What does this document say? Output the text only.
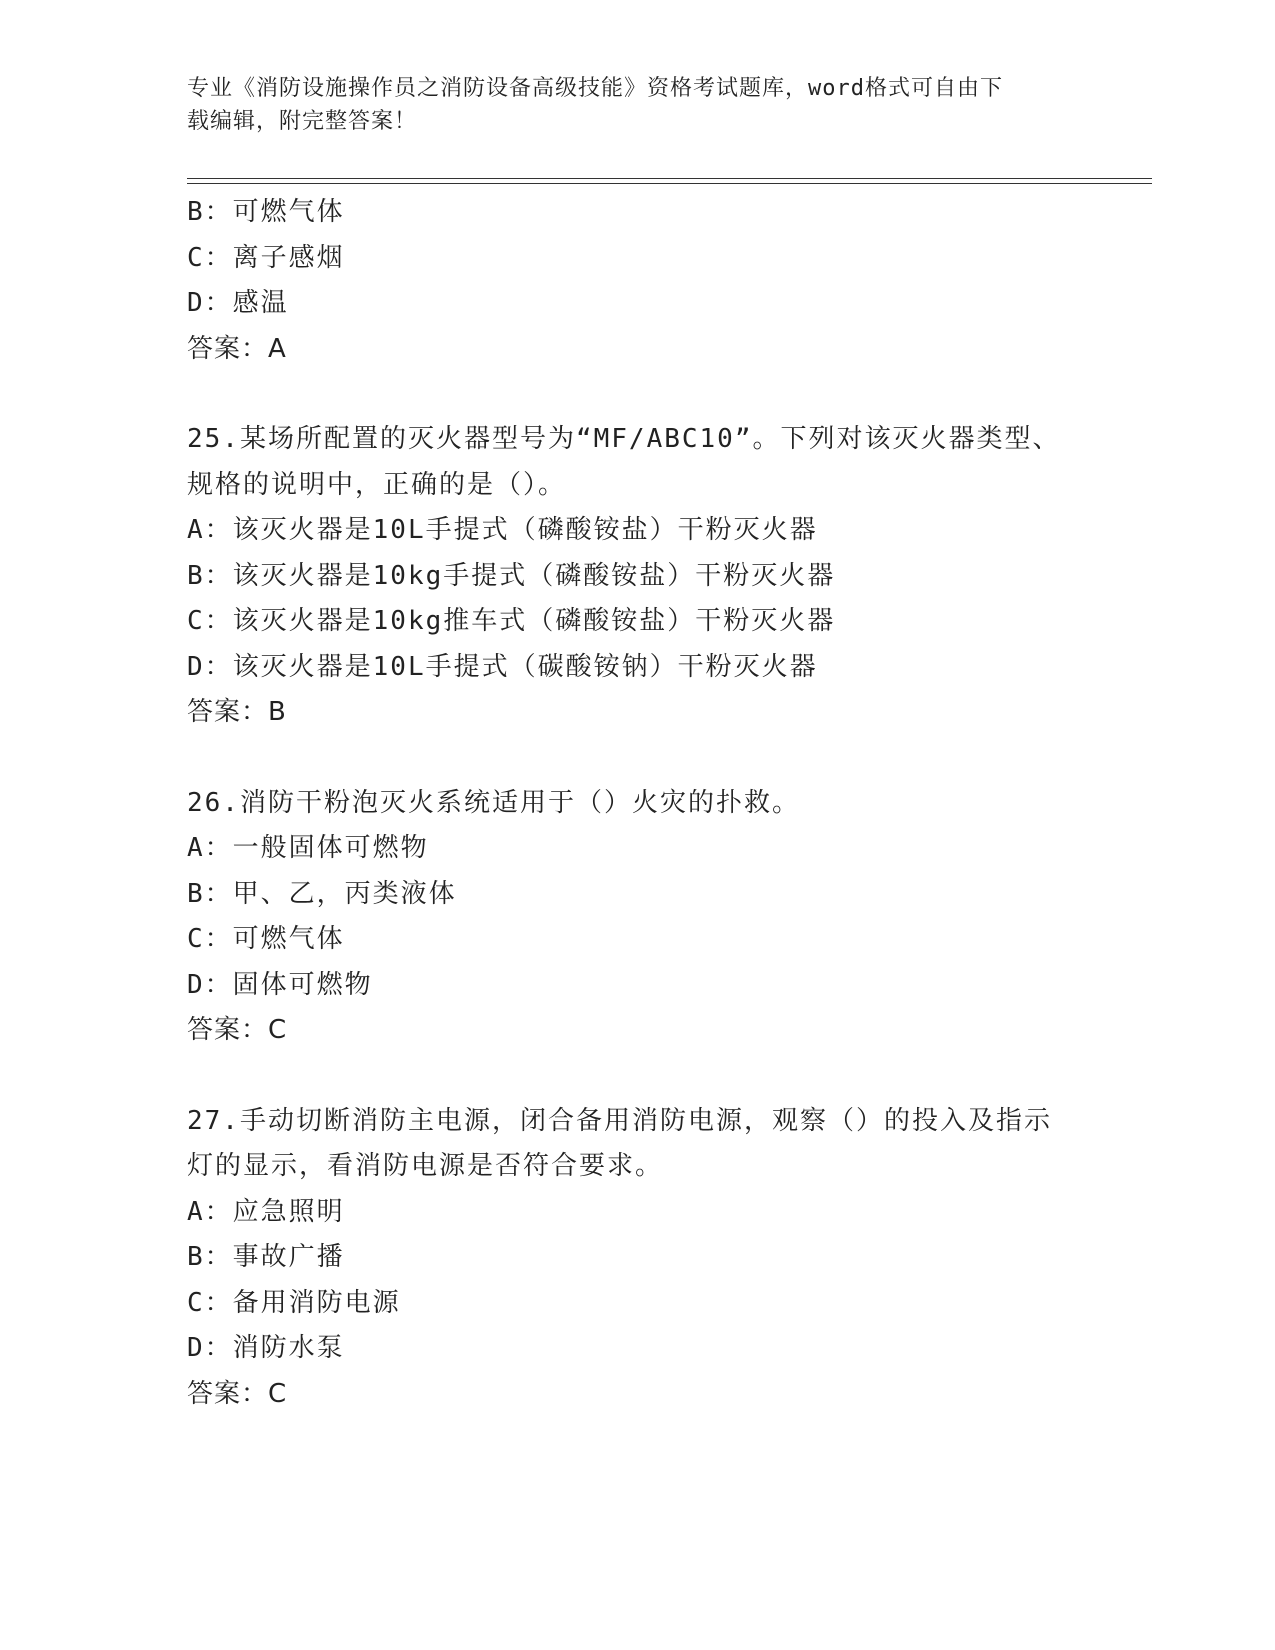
专业《消防设施操作员之消防设备高级技能》资格考试题库，word格式可自由下
载编辑，附完整答案！
B：可燃气体
C：离子感烟
D：感温
答案：A
25.某场所配置的灭火器型号为“MF/ABC10”。下列对该灭火器类型、
规格的说明中，正确的是（）。
A：该灭火器是10L手提式（磷酸铵盐）干粉灭火器
B：该灭火器是10kg手提式（磷酸铵盐）干粉灭火器
C：该灭火器是10kg推车式（磷酸铵盐）干粉灭火器
D：该灭火器是10L手提式（碳酸铵钠）干粉灭火器
答案：B
26.消防干粉泡灭火系统适用于（）火灾的扑救。
A：一般固体可燃物
B：甲、乙，丙类液体
C：可燃气体
D：固体可燃物
答案：C
27.手动切断消防主电源，闭合备用消防电源，观察（）的投入及指示
灯的显示，看消防电源是否符合要求。
A：应急照明
B：事故广播
C：备用消防电源
D：消防水泵
答案：C
